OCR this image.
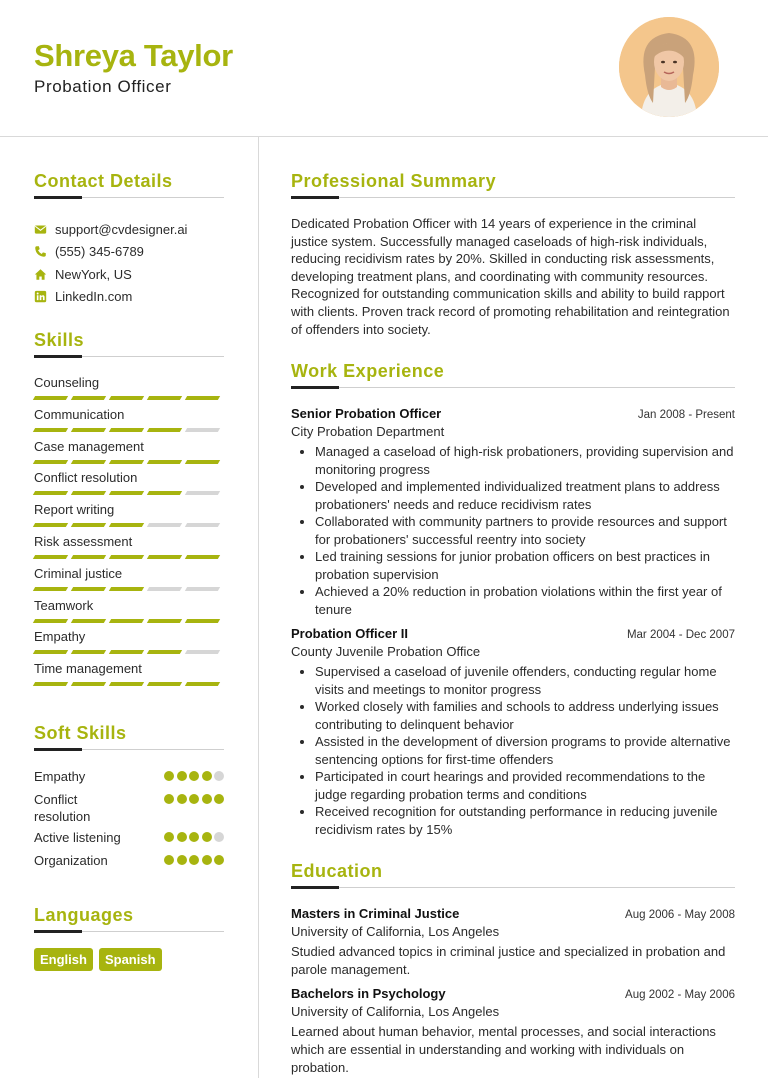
Shreya Taylor
Probation Officer
Contact Details
support@cvdesigner.ai
(555) 345-6789
NewYork, US
LinkedIn.com
Skills
Counseling
Communication
Case management
Conflict resolution
Report writing
Risk assessment
Criminal justice
Teamwork
Empathy
Time management
Soft Skills
Empathy
Conflict resolution
Active listening
Organization
Languages
English	Spanish
Professional Summary

Dedicated Probation Officer with 14 years of experience in the criminal justice system. Successfully managed caseloads of high-risk individuals, reducing recidivism rates by 20%. Skilled in conducting risk assessments, developing treatment plans, and coordinating with community resources. Recognized for outstanding communication skills and ability to build rapport with clients. Proven track record of promoting rehabilitation and reintegration of offenders into society.

Work Experience
Senior Probation Officer	Jan 2008 - Present
City Probation Department
• Managed a caseload of high-risk probationers, providing supervision and monitoring progress
• Developed and implemented individualized treatment plans to address probationers' needs and reduce recidivism rates
• Collaborated with community partners to provide resources and support for probationers' successful reentry into society
• Led training sessions for junior probation officers on best practices in probation supervision
• Achieved a 20% reduction in probation violations within the first year of tenure
Probation Officer II	Mar 2004 - Dec 2007
County Juvenile Probation Office
• Supervised a caseload of juvenile offenders, conducting regular home visits and meetings to monitor progress
• Worked closely with families and schools to address underlying issues contributing to delinquent behavior
• Assisted in the development of diversion programs to provide alternative sentencing options for first-time offenders
• Participated in court hearings and provided recommendations to the judge regarding probation terms and conditions
• Received recognition for outstanding performance in reducing juvenile recidivism rates by 15%
Education
Masters in Criminal Justice	Aug 2006 - May 2008
University of California, Los Angeles

Studied advanced topics in criminal justice and specialized in probation and parole management.

Bachelors in Psychology	Aug 2002 - May 2006
University of California, Los Angeles

Learned about human behavior, mental processes, and social interactions which are essential in understanding and working with individuals on probation.
